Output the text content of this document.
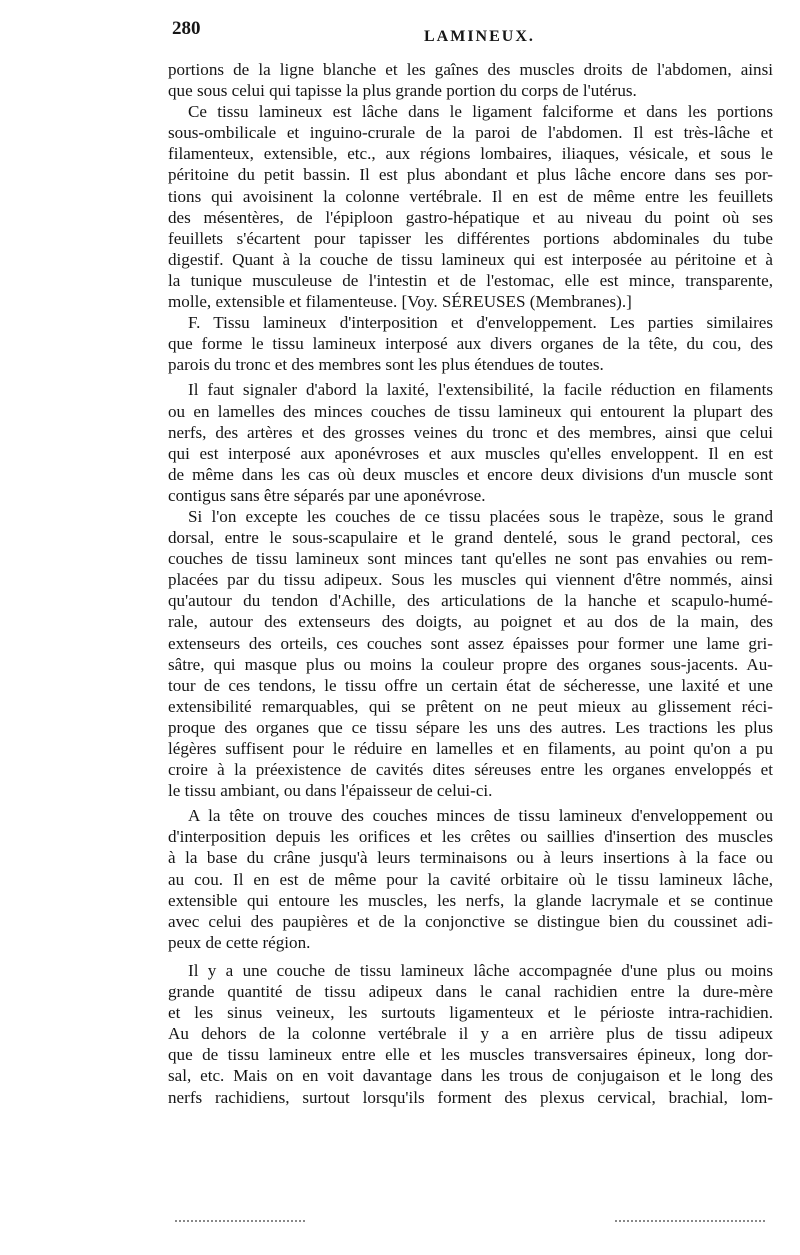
280	LAMINEUX.
portions de la ligne blanche et les gaînes des muscles droits de l'abdomen, ainsi
que sous celui qui tapisse la plus grande portion du corps de l'utérus.
Ce tissu lamineux est lâche dans le ligament falciforme et dans les portions
sous-ombilicale et inguino-crurale de la paroi de l'abdomen. Il est très-lâche et
filamenteux, extensible, etc., aux régions lombaires, iliaques, vésicale, et sous le
péritoine du petit bassin. Il est plus abondant et plus lâche encore dans ses por-
tions qui avoisinent la colonne vertébrale. Il en est de même entre les feuillets
des mésentères, de l'épiploon gastro-hépatique et au niveau du point où ses
feuillets s'écartent pour tapisser les différentes portions abdominales du tube
digestif. Quant à la couche de tissu lamineux qui est interposée au péritoine et à
la tunique musculeuse de l'intestin et de l'estomac, elle est mince, transparente,
molle, extensible et filamenteuse. [Voy. SÉREUSES (Membranes).]
F. Tissu lamineux d'interposition et d'enveloppement. Les parties similaires
que forme le tissu lamineux interposé aux divers organes de la tête, du cou, des
parois du tronc et des membres sont les plus étendues de toutes.
Il faut signaler d'abord la laxité, l'extensibilité, la facile réduction en filaments
ou en lamelles des minces couches de tissu lamineux qui entourent la plupart des
nerfs, des artères et des grosses veines du tronc et des membres, ainsi que celui
qui est interposé aux aponévroses et aux muscles qu'elles enveloppent. Il en est
de même dans les cas où deux muscles et encore deux divisions d'un muscle sont
contigus sans être séparés par une aponévrose.
Si l'on excepte les couches de ce tissu placées sous le trapèze, sous le grand
dorsal, entre le sous-scapulaire et le grand dentelé, sous le grand pectoral, ces
couches de tissu lamineux sont minces tant qu'elles ne sont pas envahies ou rem-
placées par du tissu adipeux. Sous les muscles qui viennent d'être nommés, ainsi
qu'autour du tendon d'Achille, des articulations de la hanche et scapulo-humé-
rale, autour des extenseurs des doigts, au poignet et au dos de la main, des
extenseurs des orteils, ces couches sont assez épaisses pour former une lame gri-
sâtre, qui masque plus ou moins la couleur propre des organes sous-jacents. Au-
tour de ces tendons, le tissu offre un certain état de sécheresse, une laxité et une
extensibilité remarquables, qui se prêtent on ne peut mieux au glissement réci-
proque des organes que ce tissu sépare les uns des autres. Les tractions les plus
légères suffisent pour le réduire en lamelles et en filaments, au point qu'on a pu
croire à la préexistence de cavités dites séreuses entre les organes enveloppés et
le tissu ambiant, ou dans l'épaisseur de celui-ci.
A la tête on trouve des couches minces de tissu lamineux d'enveloppement ou
d'interposition depuis les orifices et les crêtes ou saillies d'insertion des muscles
à la base du crâne jusqu'à leurs terminaisons ou à leurs insertions à la face ou
au cou. Il en est de même pour la cavité orbitaire où le tissu lamineux lâche,
extensible qui entoure les muscles, les nerfs, la glande lacrymale et se continue
avec celui des paupières et de la conjonctive se distingue bien du coussinet adi-
peux de cette région.
Il y a une couche de tissu lamineux lâche accompagnée d'une plus ou moins
grande quantité de tissu adipeux dans le canal rachidien entre la dure-mère
et les sinus veineux, les surtouts ligamenteux et le périoste intra-rachidien.
Au dehors de la colonne vertébrale il y a en arrière plus de tissu adipeux
que de tissu lamineux entre elle et les muscles transversaires épineux, long dor-
sal, etc. Mais on en voit davantage dans les trous de conjugaison et le long des
nerfs rachidiens, surtout lorsqu'ils forment des plexus cervical, brachial, lom-
